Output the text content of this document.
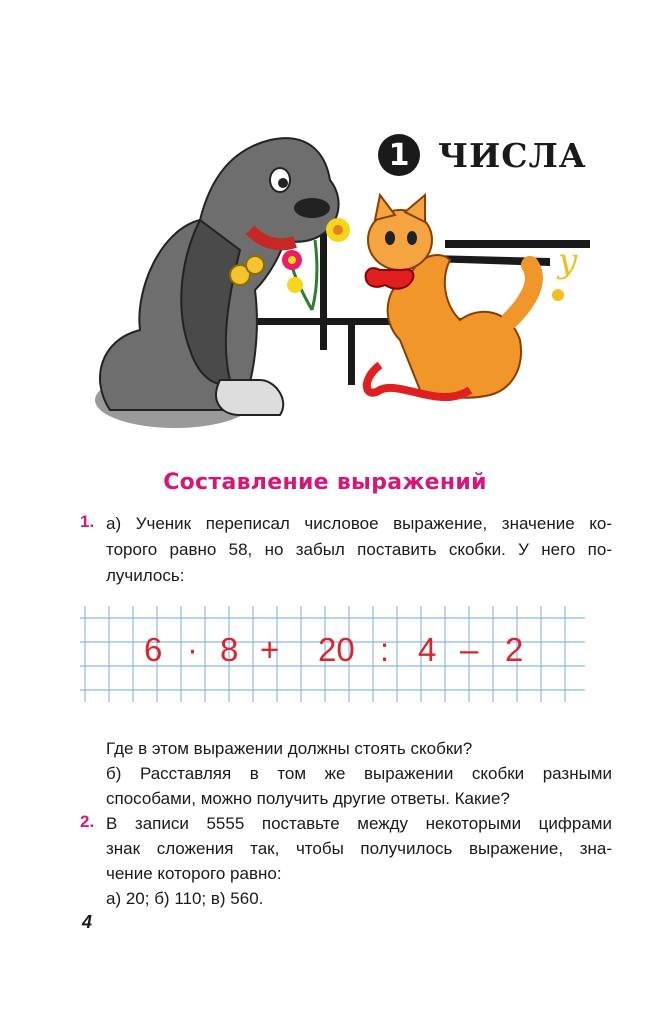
y
1 ЧИСЛА
Составление выражений
1. а) Ученик переписал числовое выражение, значение ко-
торого равно 58, но забыл поставить скобки. У него по-
лучилось:
6 · 8 + 20 : 4 – 2
Где в этом выражении должны стоять скобки?
б) Расставляя в том же выражении скобки разными
способами, можно получить другие ответы. Какие?
2. В записи 5555 поставьте между некоторыми цифрами
знак сложения так, чтобы получилось выражение, зна-
чение которого равно:
а) 20; б) 110; в) 560.
4
